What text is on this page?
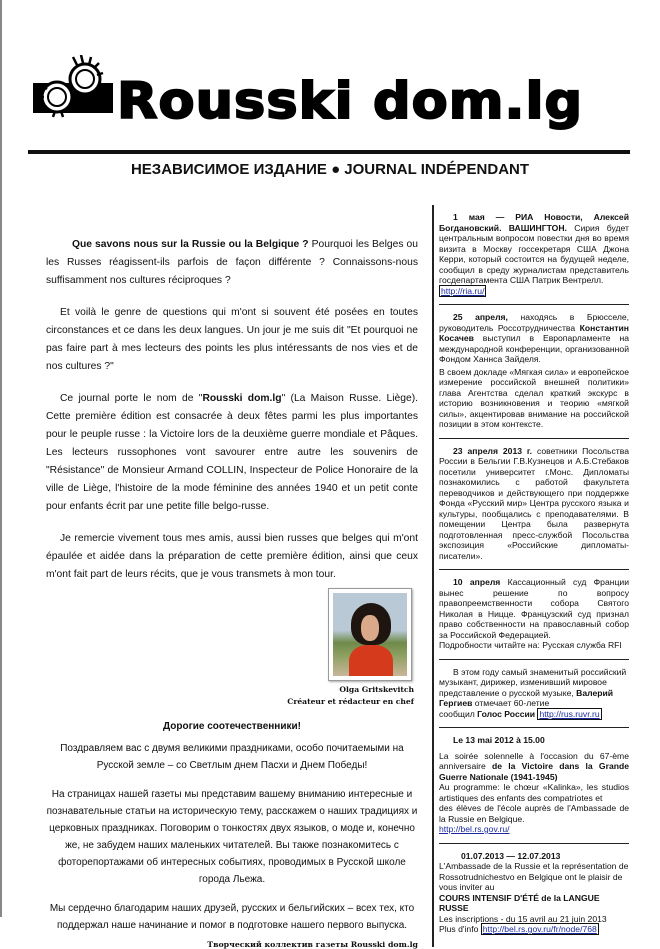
Rousski dom.lg
НЕЗАВИСИМОЕ ИЗДАНИЕ ● JOURNAL INDÉPENDANT

Que savons nous sur la Russie ou la Belgique ? Pourquoi les Belges ou les Russes réagissent-ils parfois de façon différente ? Connaissons-nous suffisamment nos cultures réciproques ?

Et voilà le genre de questions qui m'ont si souvent été posées en toutes circonstances et ce dans les deux langues. Un jour je me suis dit "Et pourquoi ne pas faire part à mes lecteurs des points les plus intéressants de nos vies et de nos cultures ?"

Ce journal porte le nom de "Rousski dom.lg" (La Maison Russe. Liège). Cette première édition est consacrée à deux fêtes parmi les plus importantes pour le peuple russe : la Victoire lors de la deuxième guerre mondiale et Pâques. Les lecteurs russophones vont savourer entre autre les souvenirs de "Résistance" de Monsieur Armand COLLIN, Inspecteur de Police Honoraire de la ville de Liège, l'histoire de la mode féminine des années 1940 et un petit conte pour enfants écrit par une petite fille belgo-russe.

Je remercie vivement tous mes amis, aussi bien russes que belges qui m'ont épaulée et aidée dans la préparation de cette première édition, ainsi que ceux m'ont fait part de leurs récits, que je vous transmets à mon tour.

Olga Gritskevitch
Créateur et rédacteur en chef
Дорогие соотечественники!

Поздравляем вас с двумя великими праздниками, особо почитаемыми на Русской земле – со Светлым днем Пасхи и Днем Победы!

На страницах нашей газеты мы представим вашему вниманию интересные и познавательные статьи на историческую тему, расскажем о наших традициях и церковных праздниках. Поговорим о тонкостях двух языков, о моде и, конечно же, не забудем наших маленьких читателей. Вы также познакомитесь с фоторепортажами об интересных событиях, проводимых в Русской школе города Льежа.

Мы сердечно благодарим наших друзей, русских и бельгийских – всех тех, кто поддержал наше начинание и помог в подготовке нашего первого выпуска.

Творческий коллектив газеты Rousski dom.lg
1 мая — РИА Новости, Алексей Богдановский. ВАШИНГТОН. Сирия будет центральным вопросом повестки дня во время визита в Москву госсекретаря США Джона Керри, который состоится на будущей неделе, сообщил в среду журналистам представитель госдепартамента США Патрик Вентрелл.
http://ria.ru/
25 апреля, находясь в Брюсселе, руководитель Россотрудничества Константин Косачев выступил в Европарламенте на международной конференции, организованной Фондом Ханнса Зайделя.
В своем докладе «Мягкая сила» и европейское измерение российской внешней политики» глава Агентства сделал краткий экскурс в историю возникновения и теорию «мягкой силы», акцентировав внимание на российской позиции в этом контексте.
23 апреля 2013 г. советники Посольства России в Бельгии Г.В.Кузнецов и А.Б.Стебаков посетили университет г.Монс. Дипломаты познакомились с работой факультета переводчиков и действующего при поддержке Фонда «Русский мир» Центра русского языка и культуры, пообщались с преподавателями. В помещении Центра была развернута подготовленная пресс-службой Посольства экспозиция «Российские дипломаты-писатели».
10 апреля Кассационный суд Франции вынес решение по вопросу правопреемственности собора Святого Николая в Ницце. Французский суд признал право собственности на православный собор за Российской Федерацией.
Подробности читайте на: Русская служба RFI
В этом году самый знаменитый российский музыкант, дирижер, изменивший мировое представление о русской музыке, Валерий Гергиев отмечает 60-летие
сообщил Голос России http://rus.ruvr.ru
Le 13 mai 2012 à 15.00
La soirée solennelle à l'occasion du 67-ème anniversaire de la Victoire dans la Grande Guerre Nationale (1941-1945)
Au programme: le chœur «Kalinka», les studios artistiques des enfants des compatriotes et
des élèves de l'école auprès de l'Ambassade de la Russie en Belgique.
http://bel.rs.gov.ru/
01.07.2013 — 12.07.2013
L'Ambassade de la Russie et la représentation de Rossotrudnichestvo en Belgique ont le plaisir de vous inviter au
COURS INTENSIF D'ÉTÉ de la LANGUE RUSSE
Les inscriptions - du 15 avril au 21 juin 2013
Plus d'info http://bel.rs.gov.ru/fr/node/768
